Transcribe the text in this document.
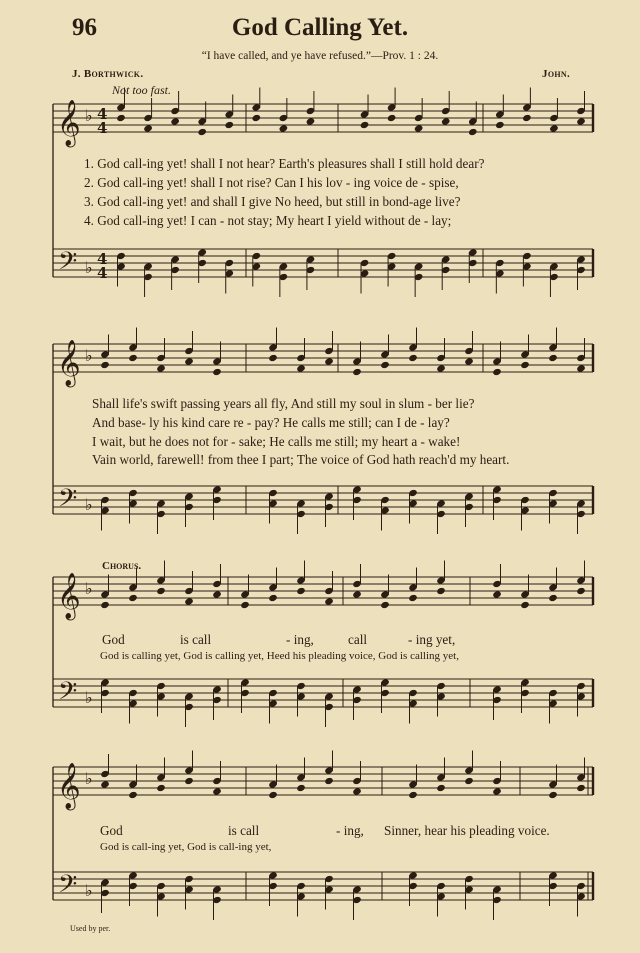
96	God Calling Yet.
“I have called, and ye have refused.”—Prov. 1 : 24.
J. Borthwick.	John.
Not too fast.
Chorus.
𝄞 ♭ 4
4
𝄢 ♭ 4
4
𝄞 ♭
𝄢 ♭
𝄞 ♭
𝄢 ♭
𝄞 ♭
𝄢 ♭
1. God call-ing yet! shall I not hear? Earth's pleasures shall I still hold dear?
2. God call-ing yet! shall I not rise? Can I his lov - ing voice de - spise,
3. God call-ing yet! and shall I give No heed, but still in bond-age live?
4. God call-ing yet! I can - not stay; My heart I yield without de - lay;
Shall life's swift passing years all fly, And still my soul in slum - ber lie?
And base- ly his kind care re - pay? He calls me still; can I de - lay?
I wait, but he does not for - sake; He calls me still; my heart a - wake!
Vain world, farewell! from thee I part; The voice of God hath reach'd my heart.
God	is call	- ing,	call	- ing yet,
God is calling yet, God is calling yet, Heed his pleading voice, God is calling yet,
God	is call	- ing, Sinner, hear his pleading voice.
God is call-ing yet, God is call-ing yet,
Used by per.
